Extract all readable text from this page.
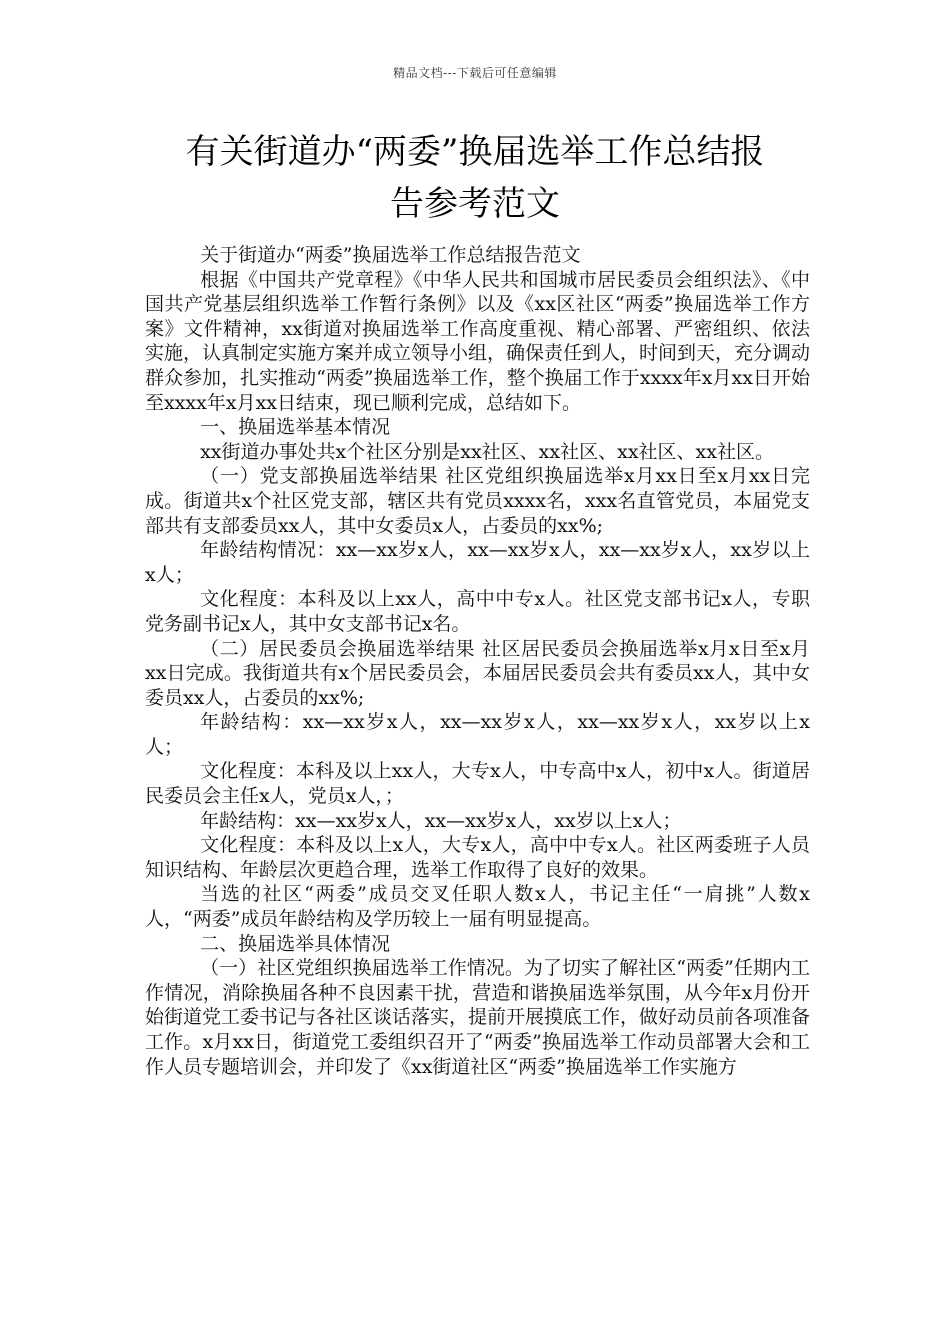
精品文档---下载后可任意编辑
有关街道办“两委”换届选举工作总结报
告参考范文

关于街道办“两委”换届选举工作总结报告范文

根据《中国共产党章程》《中华人民共和国城市居民委员会组织法》、《中国共产党基层组织选举工作暂行条例》以及《xx区社区“两委”换届选举工作方案》文件精神，xx街道对换届选举工作高度重视、精心部署、严密组织、依法实施，认真制定实施方案并成立领导小组，确保责任到人，时间到天，充分调动群众参加，扎实推动“两委”换届选举工作，整个换届工作于xxxx年x月xx日开始至xxxx年x月xx日结束，现已顺利完成，总结如下。

一、换届选举基本情况

xx街道办事处共x个社区分别是xx社区、xx社区、xx社区、xx社区。

（一）党支部换届选举结果 社区党组织换届选举x月xx日至x月xx日完成。街道共x个社区党支部，辖区共有党员xxxx名，xxx名直管党员，本届党支部共有支部委员xx人，其中女委员x人，占委员的xx%;

年龄结构情况：xx—xx岁x人，xx—xx岁x人，xx—xx岁x人，xx岁以上x人；

文化程度：本科及以上xx人，高中中专x人。社区党支部书记x人，专职党务副书记x人，其中女支部书记x名。

（二）居民委员会换届选举结果 社区居民委员会换届选举x月x日至x月xx日完成。我街道共有x个居民委员会，本届居民委员会共有委员xx人，其中女委员xx人，占委员的xx%;

年龄结构：xx—xx岁x人，xx—xx岁x人，xx—xx岁x人，xx岁以上x人；

文化程度：本科及以上xx人，大专x人，中专高中x人，初中x人。街道居民委员会主任x人，党员x人，；

年龄结构：xx—xx岁x人，xx—xx岁x人，xx岁以上x人；

文化程度：本科及以上x人，大专x人，高中中专x人。社区两委班子人员知识结构、年龄层次更趋合理，选举工作取得了良好的效果。

当选的社区“两委”成员交叉任职人数x人，书记主任“一肩挑”人数x人，“两委”成员年龄结构及学历较上一届有明显提高。

二、换届选举具体情况

（一）社区党组织换届选举工作情况。为了切实了解社区“两委”任期内工作情况，消除换届各种不良因素干扰，营造和谐换届选举氛围，从今年x月份开始街道党工委书记与各社区谈话落实，提前开展摸底工作，做好动员前各项准备工作。x月xx日，街道党工委组织召开了“两委”换届选举工作动员部署大会和工作人员专题培训会，并印发了《xx街道社区“两委”换届选举工作实施方
